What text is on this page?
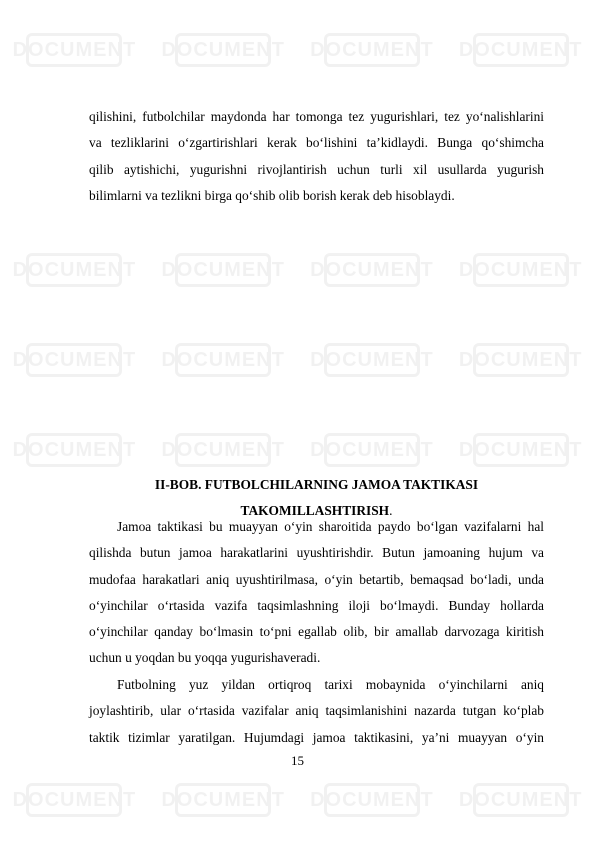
DOCUMENT DOCUMENT DOCUMENT DOCUMENT
DOCUMENT DOCUMENT DOCUMENT DOCUMENT
DOCUMENT DOCUMENT DOCUMENT DOCUMENT
DOCUMENT DOCUMENT DOCUMENT DOCUMENT
DOCUMENT DOCUMENT DOCUMENT DOCUMENT
qilishini, futbolchilar maydonda har tomonga tez yugurishlari, tez yo‘nalishlarini
va tezliklarini o‘zgartirishlari kerak bo‘lishini ta’kidlaydi. Bunga qo‘shimcha
qilib aytishichi, yugurishni rivojlantirish uchun turli xil usullarda yugurish
bilimlarni va tezlikni birga qo‘shib olib borish kerak deb hisoblaydi.
II-BOB. FUTBOLCHILARNING JAMOA TAKTIKASI
TAKOMILLASHTIRISH.
Jamoa taktikasi bu muayyan o‘yin sharoitida paydo bo‘lgan vazifalarni hal
qilishda butun jamoa harakatlarini uyushtirishdir. Butun jamoaning hujum va
mudofaa harakatlari aniq uyushtirilmasa, o‘yin betartib, bemaqsad bo‘ladi, unda
o‘yinchilar o‘rtasida vazifa taqsimlashning iloji bo‘lmaydi. Bunday hollarda
o‘yinchilar qanday bo‘lmasin to‘pni egallab olib, bir amallab darvozaga kiritish
uchun u yoqdan bu yoqqa yugurishaveradi.
Futbolning yuz yildan ortiqroq tarixi mobaynida o‘yinchilarni aniq
joylashtirib, ular o‘rtasida vazifalar aniq taqsimlanishini nazarda tutgan ko‘plab
taktik tizimlar yaratilgan. Hujumdagi jamoa taktikasini, ya’ni muayyan o‘yin
15
